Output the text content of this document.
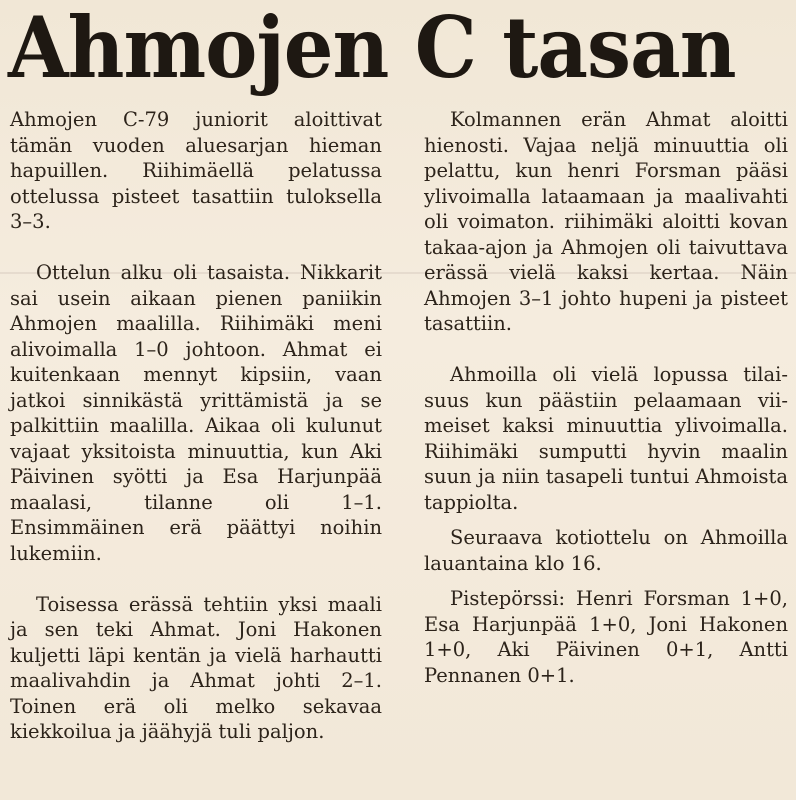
Ahmojen C tasan

Ahmojen C-79 juniorit aloittivat tämän vuoden aluesarjan hieman hapuillen. Riihimäellä pelatussa ottelussa pisteet tasattiin tuloksella 3–3.

Ottelun alku oli tasaista. Nikkarit sai usein aikaan pienen paniikin Ahmojen maalilla. Riihimäki meni alivoimalla 1–0 johtoon. Ahmat ei kuitenkaan mennyt kipsiin, vaan jatkoi sinnikästä yrittämistä ja se palkittiin maalilla. Aikaa oli kulunut vajaat yksitoista minuuttia, kun Aki Päivinen syötti ja Esa Harjunpää maalasi, tilanne oli 1–1. Ensimmäinen erä päättyi noihin lukemiin.

Toisessa erässä tehtiin yksi maali ja sen teki Ahmat. Joni Hakonen kuljetti läpi kentän ja vielä harhautti maalivahdin ja Ahmat johti 2–1. Toinen erä oli melko sekavaa kiekkoilua ja jäähyjä tuli paljon.

Kolmannen erän Ahmat aloitti hienosti. Vajaa neljä minuuttia oli pelattu, kun henri Forsman pääsi ylivoimalla lataamaan ja maalivahti oli voimaton. riihimäki aloitti kovan takaa-ajon ja Ahmojen oli taivuttava erässä vielä kaksi kertaa. Näin Ahmojen 3–1 johto hupeni ja pisteet tasattiin.

Ahmoilla oli vielä lopussa tilaisuus kun päästiin pelaamaan viimeiset kaksi minuuttia ylivoimalla. Riihimäki sumputti hyvin maalin suun ja niin tasapeli tuntui Ahmoista tappiolta.

Seuraava kotiottelu on Ahmoilla lauantaina klo 16.

Pistepörssi: Henri Forsman 1+0, Esa Harjunpää 1+0, Joni Hakonen 1+0, Aki Päivinen 0+1, Antti Pennanen 0+1.
